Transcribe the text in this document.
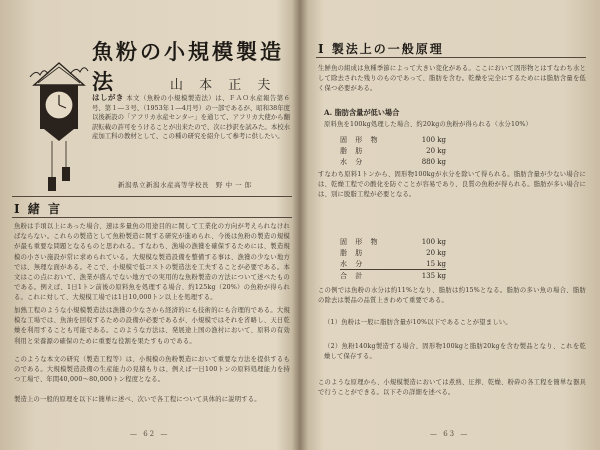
魚粉の小規模製造法	山 本 正 夫
はしがき 本文（魚粉の小規模製造法）は、ＦＡＯ水産報告第６号、第１―３号、（1953年１―4月号）の一部であるが、昭和38年度以後新設の「アフリカ水産センター」を通じて、アフリカ大使から翻訳転載の許可をうけることが出来たので、次に抄訳を試みた。本校水産加工科の教材として、この種の研究を紹介して参考に供したい。
新潟県立新潟水産高等学校長　野 中 一 郎
Ⅰ 緒 言
魚粉は手頃以上にあった場合、速は多量魚の用途目的に関して工業化の方向が考えられなければならない。これらの製造として魚粉製造に関する研究が進められ、今後は魚粉の製造の規模が最も重要な問題となるものと思われる。すなわち、漁場の漁獲を確保するためには、製造規模の小さい施設が常に求められている。大規模な製造設備を整備する事は、漁獲の少ない地方では、無理な面がある。そこで、小規模で低コストの製造法を工夫することが必要である。本文はこの点において、漁業が盛んでない地方での実用的な魚粉製造の方法について述べたものである。例えば、1日1トン前後の原料魚を処理する場合、約125kg（20%）の魚粉が得られる。これに対して、大規模工場では1日10,000トン以上を処理する。
加熱工程のような小規模製造法は漁獲の少なさから経済的にも技術的にも合理的である。大規模な工場では、魚油を回収するための設備が必要であるが、小規模ではそれを省略し、天日乾燥を利用することも可能である。このような方法は、発展途上国の漁村において、原料の有効利用と栄養源の確保のために重要な役割を果たすものである。
このような本文の研究（製造工程等）は、小規模の魚粉製造において重要な方法を提供するものである。大規模製造設備の生産能力の見積もりは、例えば一日100トンの原料処理能力を持つ工場で、年間40,000〜80,000トン程度となる。
製造上の一般的原理を以下に簡単に述べ、次いで各工程について具体的に説明する。
— 62 —
Ⅰ 製法上の一般原理
生鮮魚の組成は魚種季節によって大きい変化がある。ここにおいて固形物とはすなわち水として除去された残りのものであって、脂肪を含む。乾燥を完全にするためには脂肪含量を低く保つ必要がある。
A. 脂肪含量が低い場合
原料魚を100kg処理した場合、約20kgの魚粉が得られる（水分10%）
固 形 物	100 kg
脂 肪	20 kg
水 分	880 kg
すなわち原料1トンから、固形物100kgが水分を除いて得られる。脂肪含量が少ない場合には、乾燥工程での酸化を防ぐことが容易であり、良質の魚粉が得られる。脂肪が多い場合には、別に脱脂工程が必要となる。
固 形 物	100 kg
脂 肪	20 kg
水 分	15 kg
合 計	135 kg
この例では魚粉の水分は約11%となり、脂肪は約15%となる。脂肪の多い魚の場合、脂肪の除去は製品の品質上きわめて重要である。
（1）魚粉は一般に脂肪含量が10%以下であることが望ましい。
（2）魚粉140kg製造する場合、固形物100kgと脂肪20kgを含む製品となり、これを乾燥して保存する。
このような原理から、小規模製造においては煮熟、圧搾、乾燥、粉砕の各工程を簡単な器具で行うことができる。以下その詳細を述べる。
— 63 —
